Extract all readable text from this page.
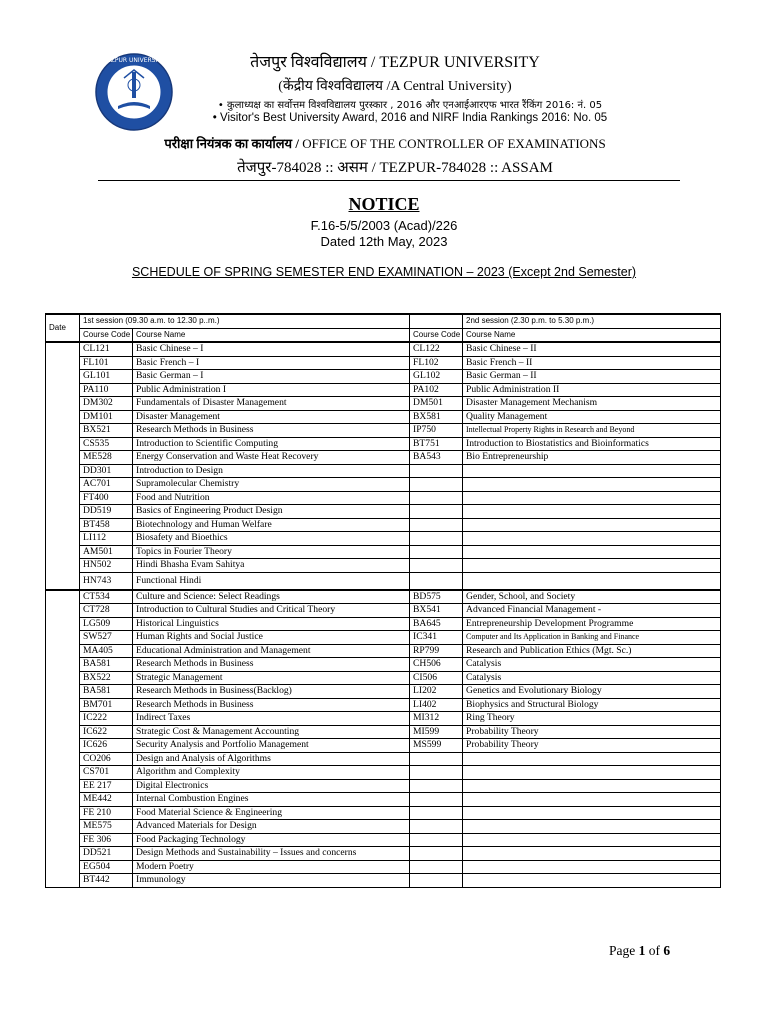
TEZPUR UNIVERSITY	तेजपुर विश्वविद्यालय / TEZPUR UNIVERSITY
(केंद्रीय विश्वविद्यालय /A Central University)
• कुलाध्यक्ष का सर्वोत्तम विश्वविद्यालय पुरस्कार , 2016 और एनआईआरएफ भारत रैंकिंग 2016: नं. 05
• Visitor's Best University Award, 2016 and NIRF India Rankings 2016: No. 05
परीक्षा नियंत्रक का कार्यालय / OFFICE OF THE CONTROLLER OF EXAMINATIONS
तेजपुर-784028 :: असम / TEZPUR-784028 :: ASSAM
NOTICE
F.16-5/5/2003 (Acad)/226
Dated 12th May, 2023
SCHEDULE OF SPRING SEMESTER END EXAMINATION – 2023 (Except 2nd Semester)
Date	1st session (09.30 a.m. to 12.30 p..m.)			2nd session (2.30 p.m. to 5.30 p.m.)
	Course Code	Course Name	Course Code	Course Name
	CL121	Basic Chinese – I	CL122	Basic Chinese – II
	FL101	Basic French – I	FL102	Basic French – II
	GL101	Basic German – I	GL102	Basic German – II
	PA110	Public Administration I	PA102	Public Administration II
	DM302	Fundamentals of Disaster Management	DM501	Disaster Management Mechanism
	DM101	Disaster Management	BX581	Quality Management
	BX521	Research Methods in Business	IP750	Intellectual Property Rights in Research and Beyond
	CS535	Introduction to Scientific Computing	BT751	Introduction to Biostatistics and Bioinformatics
	ME528	Energy Conservation and Waste Heat Recovery	BA543	Bio Entrepreneurship
	DD301	Introduction to Design		
	AC701	Supramolecular Chemistry		
	FT400	Food and Nutrition		
	DD519	Basics of Engineering Product Design		
	BT458	Biotechnology and Human Welfare		
	LI112	Biosafety and Bioethics		
	AM501	Topics in Fourier Theory		
	HN502	Hindi Bhasha Evam Sahitya		
	HN743	Functional Hindi		
	CT534	Culture and Science: Select Readings	BD575	Gender, School, and Society
	CT728	Introduction to Cultural Studies and Critical Theory	BX541	Advanced Financial Management -
	LG509	Historical Linguistics	BA645	Entrepreneurship Development Programme
	SW527	Human Rights and Social Justice	IC341	Computer and Its Application in Banking and Finance
	MA405	Educational Administration and Management	RP799	Research and Publication Ethics (Mgt. Sc.)
	BA581	Research Methods in Business	CH506	Catalysis
	BX522	Strategic Management	CI506	Catalysis
	BA581	Research Methods in Business(Backlog)	LI202	Genetics and Evolutionary Biology
	BM701	Research Methods in Business	LI402	Biophysics and Structural Biology
	IC222	Indirect Taxes	MI312	Ring Theory
	IC622	Strategic Cost & Management Accounting	MI599	Probability Theory
	IC626	Security Analysis and Portfolio Management	MS599	Probability Theory
	CO206	Design and Analysis of Algorithms		
	CS701	Algorithm and Complexity		
	EE 217	Digital Electronics		
	ME442	Internal Combustion Engines		
	FE 210	Food Material Science & Engineering		
	ME575	Advanced Materials for Design		
	FE 306	Food Packaging Technology		
	DD521	Design Methods and Sustainability – Issues and concerns		
	EG504	Modern Poetry		
	BT442	Immunology		
Page 1 of 6
